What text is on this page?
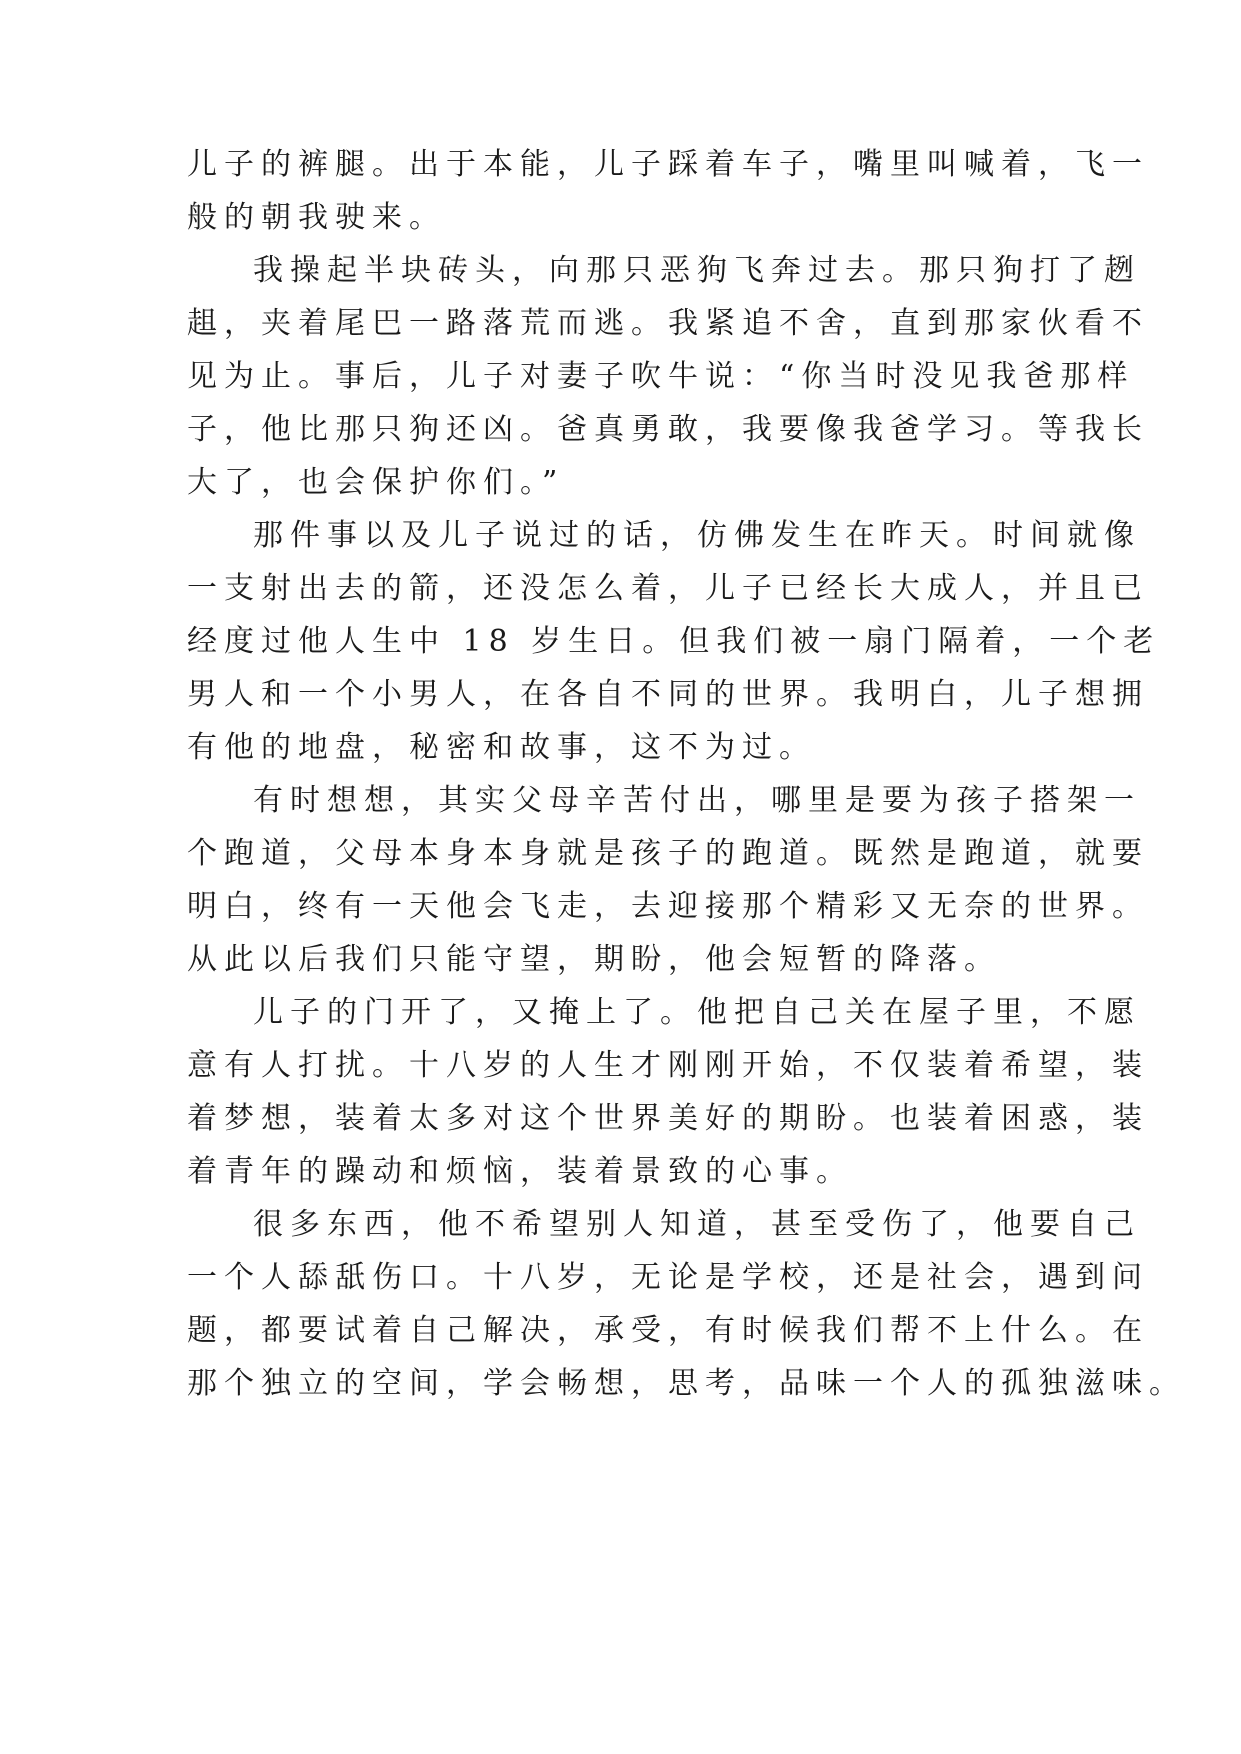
儿子的裤腿。出于本能，儿子踩着车子，嘴里叫喊着，飞一
般的朝我驶来。
我操起半块砖头，向那只恶狗飞奔过去。那只狗打了趔
趄，夹着尾巴一路落荒而逃。我紧追不舍，直到那家伙看不
见为止。事后，儿子对妻子吹牛说：“你当时没见我爸那样
子，他比那只狗还凶。爸真勇敢，我要像我爸学习。等我长
大了，也会保护你们。”
那件事以及儿子说过的话，仿佛发生在昨天。时间就像
一支射出去的箭，还没怎么着，儿子已经长大成人，并且已
经度过他人生中 18 岁生日。但我们被一扇门隔着，一个老
男人和一个小男人，在各自不同的世界。我明白，儿子想拥
有他的地盘，秘密和故事，这不为过。
有时想想，其实父母辛苦付出，哪里是要为孩子搭架一
个跑道，父母本身本身就是孩子的跑道。既然是跑道，就要
明白，终有一天他会飞走，去迎接那个精彩又无奈的世界。
从此以后我们只能守望，期盼，他会短暂的降落。
儿子的门开了，又掩上了。他把自己关在屋子里，不愿
意有人打扰。十八岁的人生才刚刚开始，不仅装着希望，装
着梦想，装着太多对这个世界美好的期盼。也装着困惑，装
着青年的躁动和烦恼，装着景致的心事。
很多东西，他不希望别人知道，甚至受伤了，他要自己
一个人舔舐伤口。十八岁，无论是学校，还是社会，遇到问
题，都要试着自己解决，承受，有时候我们帮不上什么。在
那个独立的空间，学会畅想，思考，品味一个人的孤独滋味。
